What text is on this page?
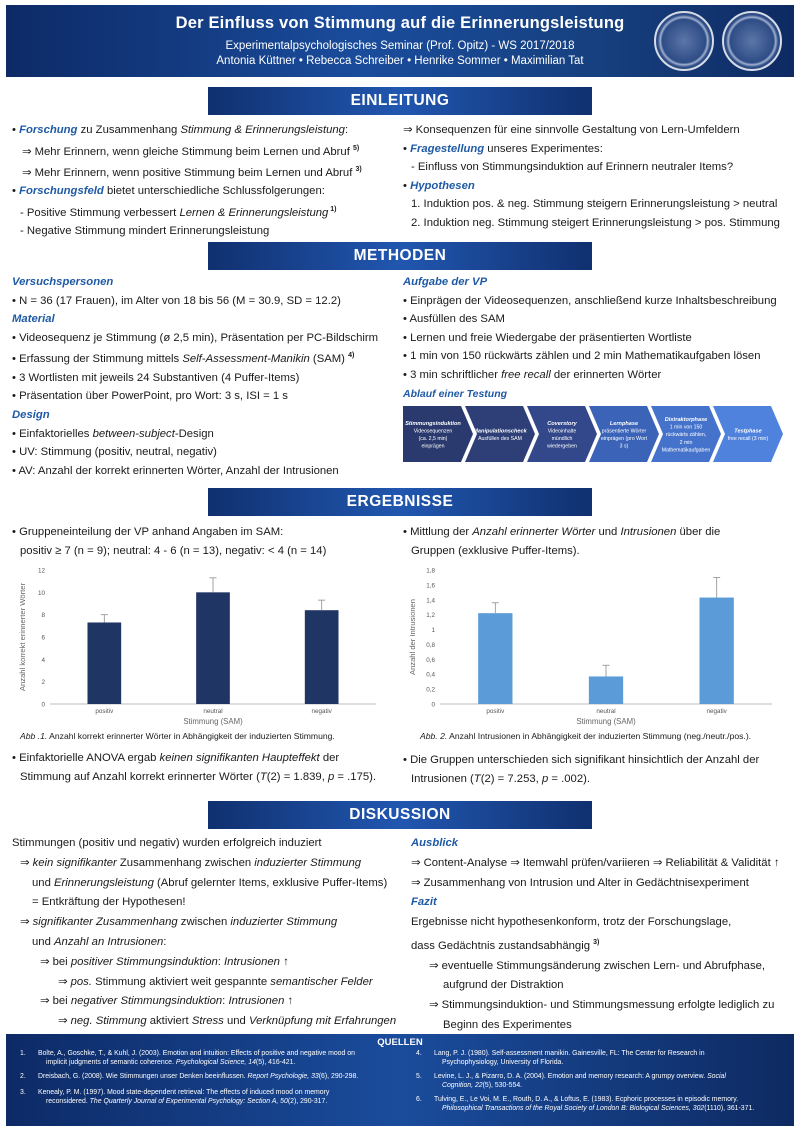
Der Einfluss von Stimmung auf die Erinnerungsleistung
Experimentalpsychologisches Seminar (Prof. Opitz) - WS 2017/2018
Antonia Küttner • Rebecca Schreiber • Henrike Sommer • Maximilian Tat
EINLEITUNG
• Forschung zu Zusammenhang Stimmung & Erinnerungsleistung:
⇒ Mehr Erinnern, wenn gleiche Stimmung beim Lernen und Abruf $^{5)}$
⇒ Mehr Erinnern, wenn positive Stimmung beim Lernen und Abruf $^{3)}$
• Forschungsfeld bietet unterschiedliche Schlussfolgerungen:
- Positive Stimmung verbessert Lernen & Erinnerungsleistung $^{1)}$
- Negative Stimmung mindert Erinnerungsleistung
⇒ Konsequenzen für eine sinnvolle Gestaltung von Lern-Umfeldern
• Fragestellung unseres Experimentes:
- Einfluss von Stimmungsinduktion auf Erinnern neutraler Items?
• Hypothesen
1. Induktion pos. & neg. Stimmung steigern Erinnerungsleistung > neutral
2. Induktion neg. Stimmung steigert Erinnerungsleistung > pos. Stimmung
METHODEN
Versuchspersonen
• N = 36 (17 Frauen), im Alter von 18 bis 56 (M = 30.9, SD = 12.2)
Material
• Videosequenz je Stimmung (ø 2,5 min), Präsentation per PC-Bildschirm
• Erfassung der Stimmung mittels Self-Assessment-Manikin (SAM) $^{4)}$
• 3 Wortlisten mit jeweils 24 Substantiven (4 Puffer-Items)
• Präsentation über PowerPoint, pro Wort: 3 s, ISI = 1 s
Design
• Einfaktorielles between-subject-Design
• UV: Stimmung (positiv, neutral, negativ)
• AV: Anzahl der korrekt erinnerten Wörter, Anzahl der Intrusionen
Aufgabe der VP
• Einprägen der Videosequenzen, anschließend kurze Inhaltsbeschreibung
• Ausfüllen des SAM
• Lernen und freie Wiedergabe der präsentierten Wortliste
• 1 min von 150 rückwärts zählen und 2 min Mathematikaufgaben lösen
• 3 min schriftlicher free recall der erinnerten Wörter
Ablauf einer Testung
Stimmungsinduktion
Videosequenzen
(ca. 2,5 min)
einprägen
Manipulationscheck
Ausfüllen des SAM
Coverstory
Videoinhalte
mündlich
wiedergeben
Lernphase
präsentierte Wörter
einprägen (pro Wort
3 s)
Distraktorphase
1 min von 150
rückwärts zählen,
2 min
Mathematikaufgaben
Testphase
free recall (3 min)
ERGEBNISSE
• Gruppeneinteilung der VP anhand Angaben im SAM:
positiv ≥ 7 (n = 9); neutral: 4 - 6 (n = 13), negativ: < 4 (n = 14)
• Mittlung der Anzahl erinnerter Wörter und Intrusionen über die
Gruppen (exklusive Puffer-Items).
0
2
4
6
8
10
12
positiv	neutral	negativ
Stimmung (SAM)
Anzahl korrekt erinnerter Wörter
Abb .1. Anzahl korrekt erinnerter Wörter in Abhängigkeit der induzierten Stimmung.
0
0,2
0,4
0,6
0,8
1
1,2
1,4
1,6
1,8
positiv	neutral	negativ
Stimmung (SAM)
Anzahl der Intrusionen
Abb. 2. Anzahl Intrusionen in Abhängigkeit der induzierten Stimmung (neg./neutr./pos.).
• Einfaktorielle ANOVA ergab keinen signifikanten Haupteffekt der
Stimmung auf Anzahl korrekt erinnerter Wörter (T(2) = 1.839, p = .175).
• Die Gruppen unterschieden sich signifikant hinsichtlich der Anzahl der
Intrusionen (T(2) = 7.253, p = .002).
DISKUSSION
Stimmungen (positiv und negativ) wurden erfolgreich induziert
⇒ kein signifikanter Zusammenhang zwischen induzierter Stimmung
und Erinnerungsleistung (Abruf gelernter Items, exklusive Puffer-Items)
= Entkräftung der Hypothesen!
⇒ signifikanter Zusammenhang zwischen induzierter Stimmung
und Anzahl an Intrusionen:
⇒ bei positiver Stimmungsinduktion: Intrusionen ↑
⇒ pos. Stimmung aktiviert weit gespannte semantischer Felder
⇒ bei negativer Stimmungsinduktion: Intrusionen ↑
⇒ neg. Stimmung aktiviert Stress und Verknüpfung mit Erfahrungen
Ausblick
⇒ Content-Analyse ⇒ Itemwahl prüfen/variieren ⇒ Reliabilität & Validität ↑
⇒ Zusammenhang von Intrusion und Alter in Gedächtnisexperiment
Fazit
Ergebnisse nicht hypothesenkonform, trotz der Forschungslage,
dass Gedächtnis zustandsabhängig $^{3)}$
⇒ eventuelle Stimmungsänderung zwischen Lern- und Abrufphase,
aufgrund der Distraktion
⇒ Stimmungsinduktion- und Stimmungsmessung erfolgte lediglich zu
Beginn des Experimentes
QUELLEN
1. Bolte, A., Goschke, T., & Kuhl, J. (2003). Emotion and intuition: Effects of positive and negative mood on
implicit judgments of semantic coherence. Psychological Science, 14(5), 416-421.
2. Dreisbach, G. (2008). Wie Stimmungen unser Denken beeinflussen. Report Psychologie, 33(6), 290-298.
3. Kenealy, P. M. (1997). Mood state-dependent retrieval: The effects of induced mood on memory
reconsidered. The Quarterly Journal of Experimental Psychology: Section A, 50(2), 290-317.
4. Lang, P. J. (1980). Self-assessment manikin. Gainesville, FL: The Center for Research in
Psychophysiology, University of Florida.
5. Levine, L. J., & Pizarro, D. A. (2004). Emotion and memory research: A grumpy overview. Social
Cognition, 22(5), 530-554.
6. Tulving, E., Le Voi, M. E., Routh, D. A., & Loftus, E. (1983). Ecphoric processes in episodic memory.
Philosophical Transactions of the Royal Society of London B: Biological Sciences, 302(1110), 361-371.
